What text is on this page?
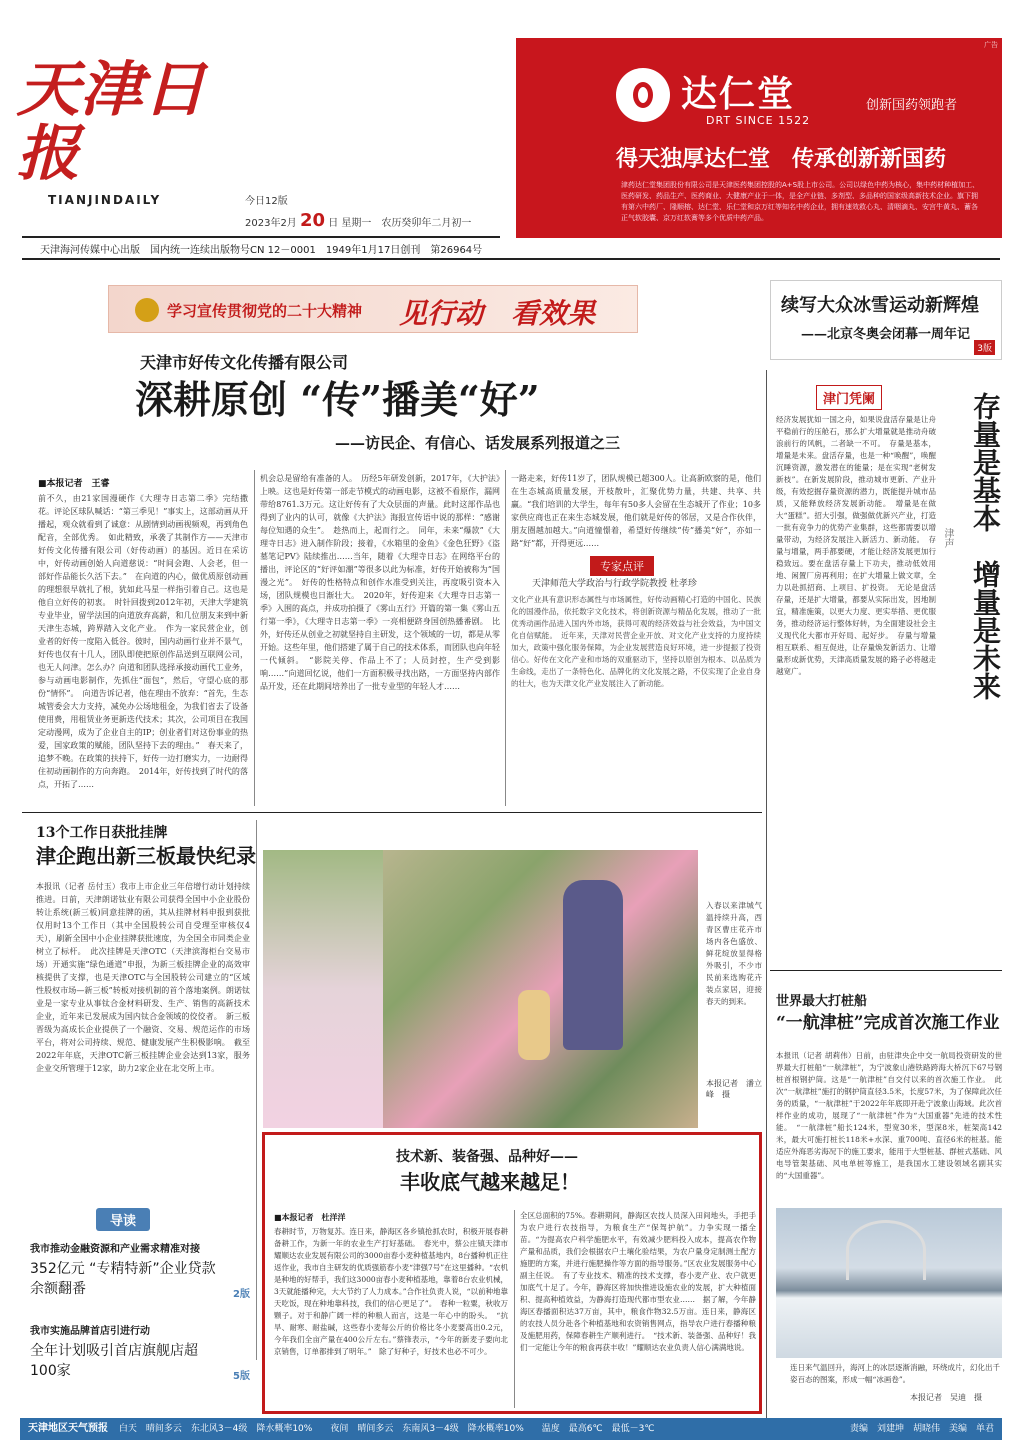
天津日报
TIANJINDAILY	今日12版
2023年2月 20 日 星期一　农历癸卯年二月初一
天津海河传媒中心出版　国内统一连续出版物号CN 12－0001　1949年1月17日创刊　第26964号
广告
达仁堂
DRT SINCE 1522
创新国药领跑者
得天独厚达仁堂　传承创新新国药
津药达仁堂集团股份有限公司是天津医药集团控股的A+S股上市公司。公司以绿色中药为核心，集中药材种植加工、医药研发、药品生产、医药商业、大健康产业于一体，是全产业链、多剂型、多品种的国家级高新技术企业。旗下拥有第六中药厂、隆顺榕、达仁堂、乐仁堂和京万红等知名中药企业，拥有速效救心丸、清咽滴丸、安宫牛黄丸、蓄各正气软胶囊、京万红软膏等多个优质中药产品。
学习宣传贯彻党的二十大精神 见行动　看效果	续写大众冰雪运动新辉煌
——北京冬奥会闭幕一周年记
3版
天津市好传文化传播有限公司
深耕原创 “传”播美“好”
——访民企、有信心、话发展系列报道之三
■本报记者　王睿
前不久，由21家国漫硬作《大理寺日志第二季》完结撒花。评论区球队喊话：“第三季见！”事实上，这部动画从开播起，观众就看到了诚意：从剧情到动画视频观，再到角色配音，全部优秀。　如此精致，承袭了其制作方——天津市好传文化传播有限公司（好传动画）的基因。近日在采访中，好传动画创始人向道慈说：“时间会跑、人会老，但一部好作品能长久活下去。”　在向道的内心，做优质原创动画的理想很早就扎了根，犹如此马星一样指引着自己。这也是他自立好传的初衷。　时针回拨到2012年初，天津大学建筑专业毕业，留学法国的向道放弃高薪，和几位朋友来到中新天津生态城，跨界踏入文化产业。　作为一家民营企业，创业者的好传一度陷入低谷。彼时，国内动画行业并不景气，好传也仅有十几人，团队即使把原创作品送到互联网公司，也无人问津。怎么办？向道和团队选择承接动画代工业务，参与动画电影制作，先抓住“面包”，然后，守望心底的那份“情怀”。　向道告诉记者，他在理由不放弃：“首先，生态城管委会大力支持，减免办公场地租金，为我们省去了设备使用费，用租赁业务更新迭代技术；其次，公司项目在我国定动漫网，成为了企业自主的IP；创业者们对这份事业的热爱，国家政策的赋能，团队坚持下去的理由。”　春天来了，追梦不晚。在政策的扶持下，好传一边打磨实力，一边耐得住初动画制作的方向奔跑。　2014年，好传找到了时代的落点，开拓了……
机会总是留给有准备的人。　历经5年研发创新，2017年，《大护法》上映。这也是好传第一部走节模式的动画电影，这被不看原作，漏网带给8761.3万元。这让好传有了大众层面的声量。此时这部作品也得到了业内的认可，就像《大护法》海报宣传语中说的那样：“感谢每位知遇的众生”。　趁热而上，起而行之。　同年，未来“爆款”《大理寺日志》进入制作阶段；接着，《水箱里的金鱼》《金色狂野》《盗墓笔记PV》陆续推出……当年，随着《大理寺日志》在网络平台的播出，评论区的“好评如潮”等很多以此为标准，好传开始被称为“国漫之光”。　好传的性格特点和创作水准受到关注，再度吸引资本入场，团队规模也日渐壮大。　2020年，好传迎来《大理寺日志第一季》入围的高点，并成功拍摄了《雾山五行》开篇的第一集《雾山五行第一季》，《大理寺日志第一季》一亮相便跻身国创热播番剧。　比外，好传还从创业之初就坚持自主研发，这个领域的一切，都是从零开始。这些年里，他们搭建了属于自己的技术体系，而团队也向年轻一代倾斜。　“影院关停、作品上不了；人员封控，生产受到影响……”向道回忆说，他们一方面积极寻找出路，一方面坚持内部作品开发，还在此期间培养出了一批专业型的年轻人才……
一路走来，好传11岁了，团队规模已超300人。让高新欧察的是，他们在生态城高质量发展，开枝散叶，汇聚优势力量，共建、共享、共赢。“我们培训的大学生，每年有50多人会留在生态城开了作业；10多家供应商也正在来生态城发展，他们就是好传的邻居，又是合作伙伴，朋友圈越加越大。”向道憧憬着，希望好传继续“传”播美“好”，亦如一路“好”都，开得更远……
专家点评
天津师范大学政治与行政学院教授 杜孝珍
文化产业具有意识形态属性与市场属性，好传动画精心打造的中国化、民族化的国漫作品，依托数字文化技术，将创新资源与精品化发展，推动了一批优秀动画作品进入国内外市场，获得可观的经济效益与社会效益，为中国文化自信赋能。　近年来，天津对民营企业开放、对文化产业支持的力度持续加大，政策中强化服务保障，为企业发展营造良好环境，进一步提振了投资信心。好传在文化产业和市场的双重驱动下，坚持以原创为根本、以品质为生命线，走出了一条特色化、品牌化的文化发展之路，不仅实现了企业自身的壮大，也为天津文化产业发展注入了新动能。
津门凭阑	存量是基本　增量是未来
津声
经济发展犹如一国之舟，如果说盘活存量是让舟平稳前行的压舱石，那么扩大增量就是推动舟破浪前行的风帆，二者缺一不可。　存量是基本，增量是未来。盘活存量，也是一种“唤醒”，唤醒沉睡资源，激发潜在的能量；是在实现“老树发新枝”。在新发展阶段，推动城市更新、产业升级，有效挖掘存量资源的潜力，既能提升城市品质，又能释放经济发展新动能。　增量是在做大“蛋糕”。招大引强，做强做优新兴产业，打造一批有竞争力的优势产业集群，这些都需要以增量带动，为经济发展注入新活力、新动能。　存量与增量，两手都要硬，才能让经济发展更加行稳致远。要在盘活存量上下功夫，推动低效用地、闲置厂房再利用；在扩大增量上做文章，全力以赴抓招商、上项目、扩投资。　无论是盘活存量，还是扩大增量，都要从实际出发，因地制宜，精准施策，以更大力度、更实举措、更优服务，推动经济运行整体好转，为全面建设社会主义现代化大都市开好局、起好步。　存量与增量相互联系、相互促进，让存量焕发新活力、让增量形成新优势，天津高质量发展的路子必将越走越宽广。
世界最大打桩船
“一航津桩”完成首次施工作业
本报讯（记者 胡莉伟）日前，由驻津央企中交一航局投资研发的世界最大打桩船“一航津桩”，为宁波象山港铁路跨海大桥沉下67号钢桩首根钢护筒。这是“一航津桩”自交付以来的首次施工作业。　此次“一航津桩”施打的钢护筒直径3.5米，长度57米，为了保障此次任务的质量，“一航津桩”于2022年年底即开赴宁波象山海域。此次首样作业的成功，展现了“一航津桩”作为“大国重器”先进的技术性能。　“一航津桩”船长124米，型宽30米，型深8米，桩架高142米，最大可施打桩长118米+水深、重700吨、直径6米的桩基。能适应外海恶劣海况下的施工要求，能用于大型桩基、群桩式基础、风电导管架基础、风电单桩等施工，是我国水工建设领域名副其实的“大国重器”。
连日来气温回升，海河上的冰层逐渐消融，环绕成片，幻化出千姿百态的图案，形成一幅“冰画卷”。
本报记者　吴迪　摄
13个工作日获批挂牌
津企跑出新三板最快纪录
本报讯（记者 岳付玉）我市上市企业三年倍增行动计划持续推进。日前，天津朗诺钛业有限公司获得全国中小企业股份转让系统(新三板)同意挂牌的函，其从挂牌材料申报到获批仅用时13个工作日（其中全国股转公司自受理至审核仅4天），刷新全国中小企业挂牌获批速度，为全国全市同类企业树立了标杆。　此次挂牌是天津OTC（天津滨海柜台交易市场）开通实施“绿色通道”申报，为新三板挂牌企业的高效审核提供了支撑，也是天津OTC与全国股转公司建立的“区域性股权市场—新三板”转板对接机制的首个落地案例。朗诺钛业是一家专业从事钛合金材料研发、生产、销售的高新技术企业，近年来已发展成为国内钛合金领域的佼佼者。　新三板晋级为高成长企业提供了一个融资、交易、规范运作的市场平台，将对公司持续、规范、健康发展产生积极影响。　截至2022年年底，天津OTC新三板挂牌企业会达到13家，服务企业交所管理于12家，助力2家企业在北交所上市。
入春以来津城气温持续升高，西青区曹庄花卉市场内各色盛放、鲜花绽放显得格外吸引，不少市民前来选购花卉装点家居，迎接春天的到来。
本报记者　潘立峰　摄
技术新、装备强、品种好——
丰收底气越来越足！
■本报记者　杜洋洋
春耕时节，万物复苏。连日来，静海区各乡镇抢抓农时，积极开展春耕备耕工作，为新一年的农业生产打好基础。　春光中，蔡公庄镇天津市耀顺达农业发展有限公司的3000亩春小麦种植基地内，8台播种机正往返作业，我市自主研发的优质强筋春小麦“津强7号”在这里播种。“农机是种地的好帮手，我们这3000亩春小麦种植基地，靠着8台农业机械，3天就能播种完，大大节约了人力成本。”合作社负责人说，“以前种地靠天吃饭，现在种地靠科技，我们的信心更足了”。　春种一粒粟，秋收万颗子。对于和静广阔一样的种粮人而言，这是一年心中的盼头。　“抗旱、耐寒、耐盐碱，这些春小麦每公斤的价格比冬小麦要高出0.2元，今年我们全亩产量在400公斤左右。”蔡锋表示，“今年的新麦子要向北京销售，订单都排到了明年。”　除了好种子，好技术也必不可少。
全区总面积的75%。春耕期间，静海区农技人员深入田间地头，手把手为农户进行农技指导，为粮食生产“保驾护航”。力争实现一播全苗。“为提高农户科学施肥水平，有效减少肥料投入成本，提高农作物产量和品质，我们会根据农户土壤化验结果，为农户量身定制测土配方施肥的方案，并进行施肥操作等方面的指导服务。”区农业发展服务中心副主任说。　有了专业技术、精准的技术支撑，春小麦产业、农户就更加底气十足了。今年，静海区将加快推进设施农业的发展，扩大种植面积、提高种植效益，为静海打造现代都市型农业……　据了解，今年静海区春播面积达37万亩，其中，粮食作物32.5万亩。连日来，静海区的农技人员分赴各个种植基地和农资销售网点，指导农户进行春播种粮及施肥用药，保障春耕生产顺利进行。　“技术新、装备强、品种好！我们一定能让今年的粮食再获丰收！”耀顺达农业负责人信心满满地说。
导读
我市推动金融资源和产业需求精准对接
352亿元 “专精特新”企业贷款余额翻番	2版
我市实施品牌首店引进行动
全年计划吸引首店旗舰店超 100家	5版
天津地区天气预报 白天　晴间多云　东北风3－4级　降水概率10%　　夜间　晴间多云　东南风3－4级　降水概率10%　　温度　最高6℃　最低－3℃	责编　刘建坤　胡晓伟　美编　单君
